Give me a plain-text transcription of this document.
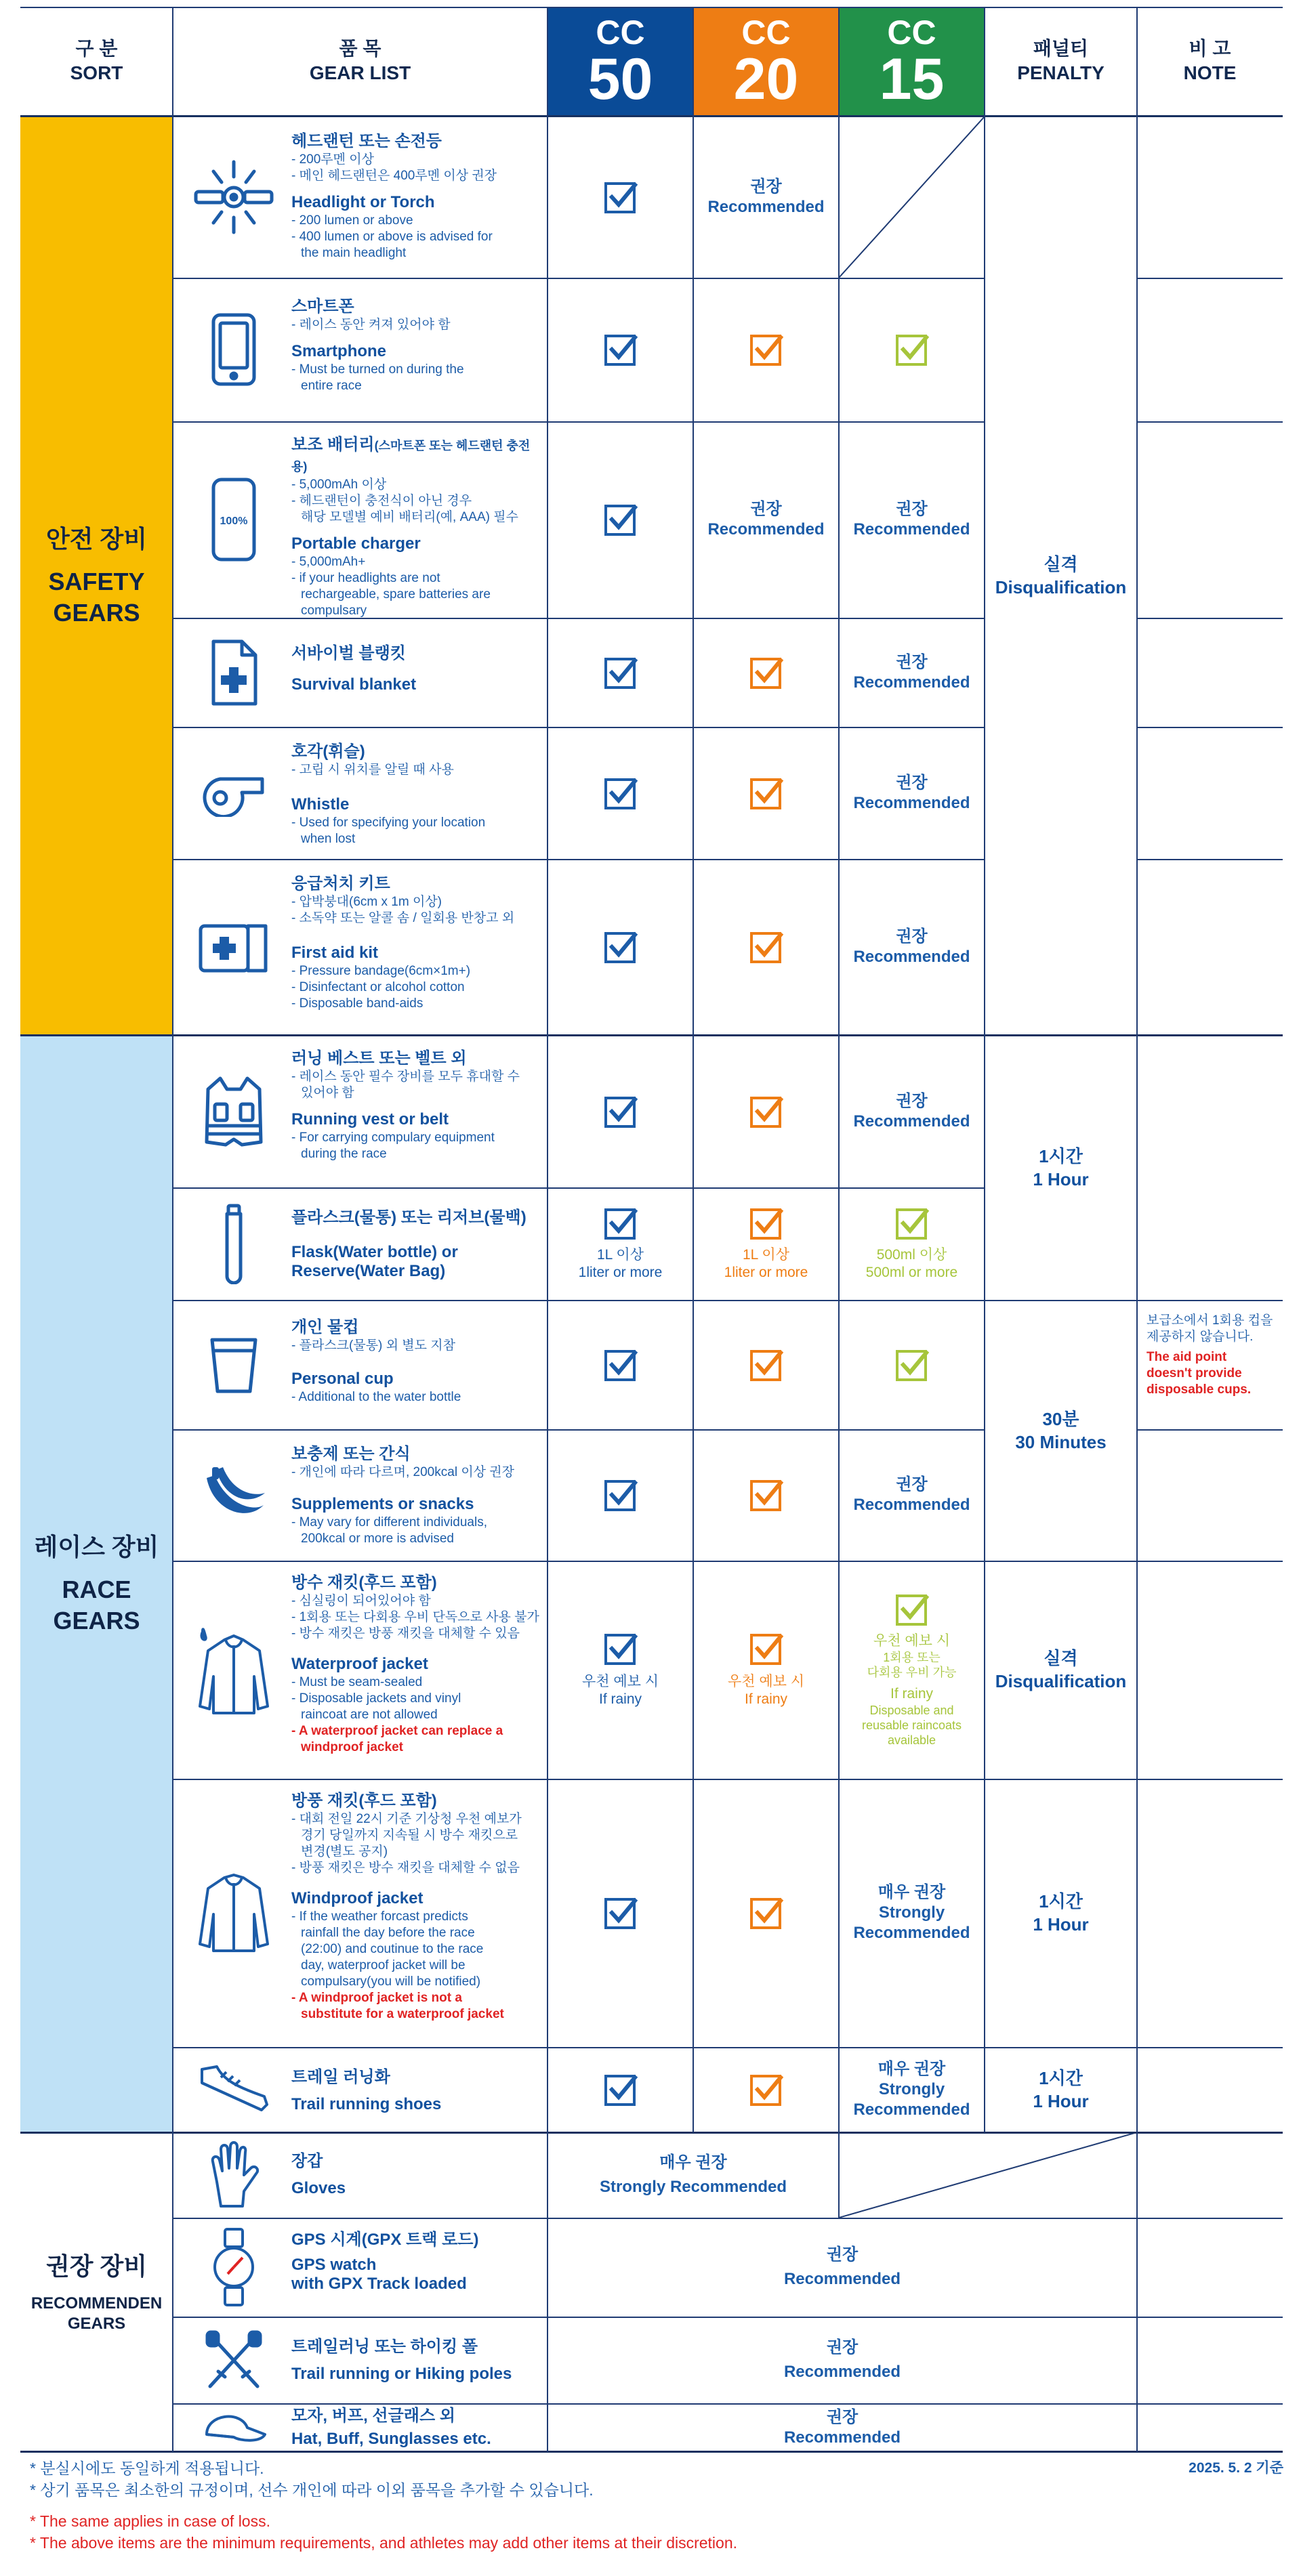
구 분
SORT
품 목
GEAR LIST
CC
50
CC
20
CC
15	패널티
PENALTY
비 고
NOTE
안전 장비
SAFETY
GEARS
레이스 장비
RACE
GEARS
권장 장비
RECOMMENDEN
GEARS
헤드랜턴 또는 손전등
- 200루멘 이상
- 메인 헤드랜턴은 400루멘 이상 권장
Headlight or Torch
- 200 lumen or above
- 400 lumen or above is advised for
the main headlight
권장
Recommended
스마트폰
- 레이스 동안 켜져 있어야 함
Smartphone
- Must be turned on during the
entire race
100%
보조 배터리(스마트폰 또는 헤드랜턴 충전용)
- 5,000mAh 이상
- 헤드랜턴이 충전식이 아닌 경우
해당 모델별 예비 배터리(예, AAA) 필수
Portable charger
- 5,000mAh+
- if your headlights are not
rechargeable, spare batteries are
compulsary
권장
Recommended
권장
Recommended
서바이벌 블랭킷
Survival blanket
권장
Recommended
호각(휘슬)
- 고립 시 위치를 알릴 때 사용
Whistle
- Used for specifying your location
when lost
권장
Recommended
응급처치 키트
- 압박붕대(6cm x 1m 이상)
- 소독약 또는 알콜 솜 / 일회용 반창고 외
First aid kit
- Pressure bandage(6cm×1m+)
- Disinfectant or alcohol cotton
- Disposable band-aids
권장
Recommended
실격
Disqualification
러닝 베스트 또는 벨트 외
- 레이스 동안 필수 장비를 모두 휴대할 수
있어야 함
Running vest or belt
- For carrying compulary equipment
during the race
권장
Recommended
플라스크(물통) 또는 리저브(물백)
Flask(Water bottle) or
Reserve(Water Bag)
1L 이상
1liter or more
1L 이상
1liter or more
500ml 이상
500ml or more
1시간
1 Hour
개인 물컵
- 플라스크(물통) 외 별도 지참
Personal cup
- Additional to the water bottle
보급소에서 1회용 컵을
제공하지 않습니다.
The aid point
doesn't provide
disposable cups.
보충제 또는 간식
- 개인에 따라 다르며, 200kcal 이상 권장
Supplements or snacks
- May vary for different individuals,
200kcal or more is advised
권장
Recommended
30분
30 Minutes
방수 재킷(후드 포함)
- 심실링이 되어있어야 함
- 1회용 또는 다회용 우비 단독으로 사용 불가
- 방수 재킷은 방풍 재킷을 대체할 수 있음
Waterproof jacket
- Must be seam-sealed
- Disposable jackets and vinyl
raincoat are not allowed
- A waterproof jacket can replace a
windproof jacket
우천 예보 시
If rainy
우천 예보 시
If rainy
우천 예보 시
1회용 또는
다회용 우비 가능
If rainy
Disposable and
reusable raincoats
available
실격
Disqualification
방풍 재킷(후드 포함)
- 대회 전일 22시 기준 기상청 우천 예보가
경기 당일까지 지속될 시 방수 재킷으로
변경(별도 공지)
- 방풍 재킷은 방수 재킷을 대체할 수 없음
Windproof jacket
- If the weather forcast predicts
rainfall the day before the race
(22:00) and coutinue to the race
day, waterproof jacket will be
compulsary(you will be notified)
- A windproof jacket is not a
substitute for a waterproof jacket
매우 권장
Strongly
Recommended
1시간
1 Hour
트레일 러닝화
Trail running shoes
매우 권장
Strongly
Recommended
1시간
1 Hour
장갑
Gloves
매우 권장
Strongly Recommended
GPS 시계(GPX 트랙 로드)
GPS watch
with GPX Track loaded
권장
Recommended
트레일러닝 또는 하이킹 폴
Trail running or Hiking poles
권장
Recommended
모자, 버프, 선글래스 외
Hat, Buff, Sunglasses etc.
권장
Recommended
* 분실시에도 동일하게 적용됩니다.
* 상기 품목은 최소한의 규정이며, 선수 개인에 따라 이외 품목을 추가할 수 있습니다.
* The same applies in case of loss.
* The above items are the minimum requirements, and athletes may add other items at their discretion.
2025. 5. 2 기준
